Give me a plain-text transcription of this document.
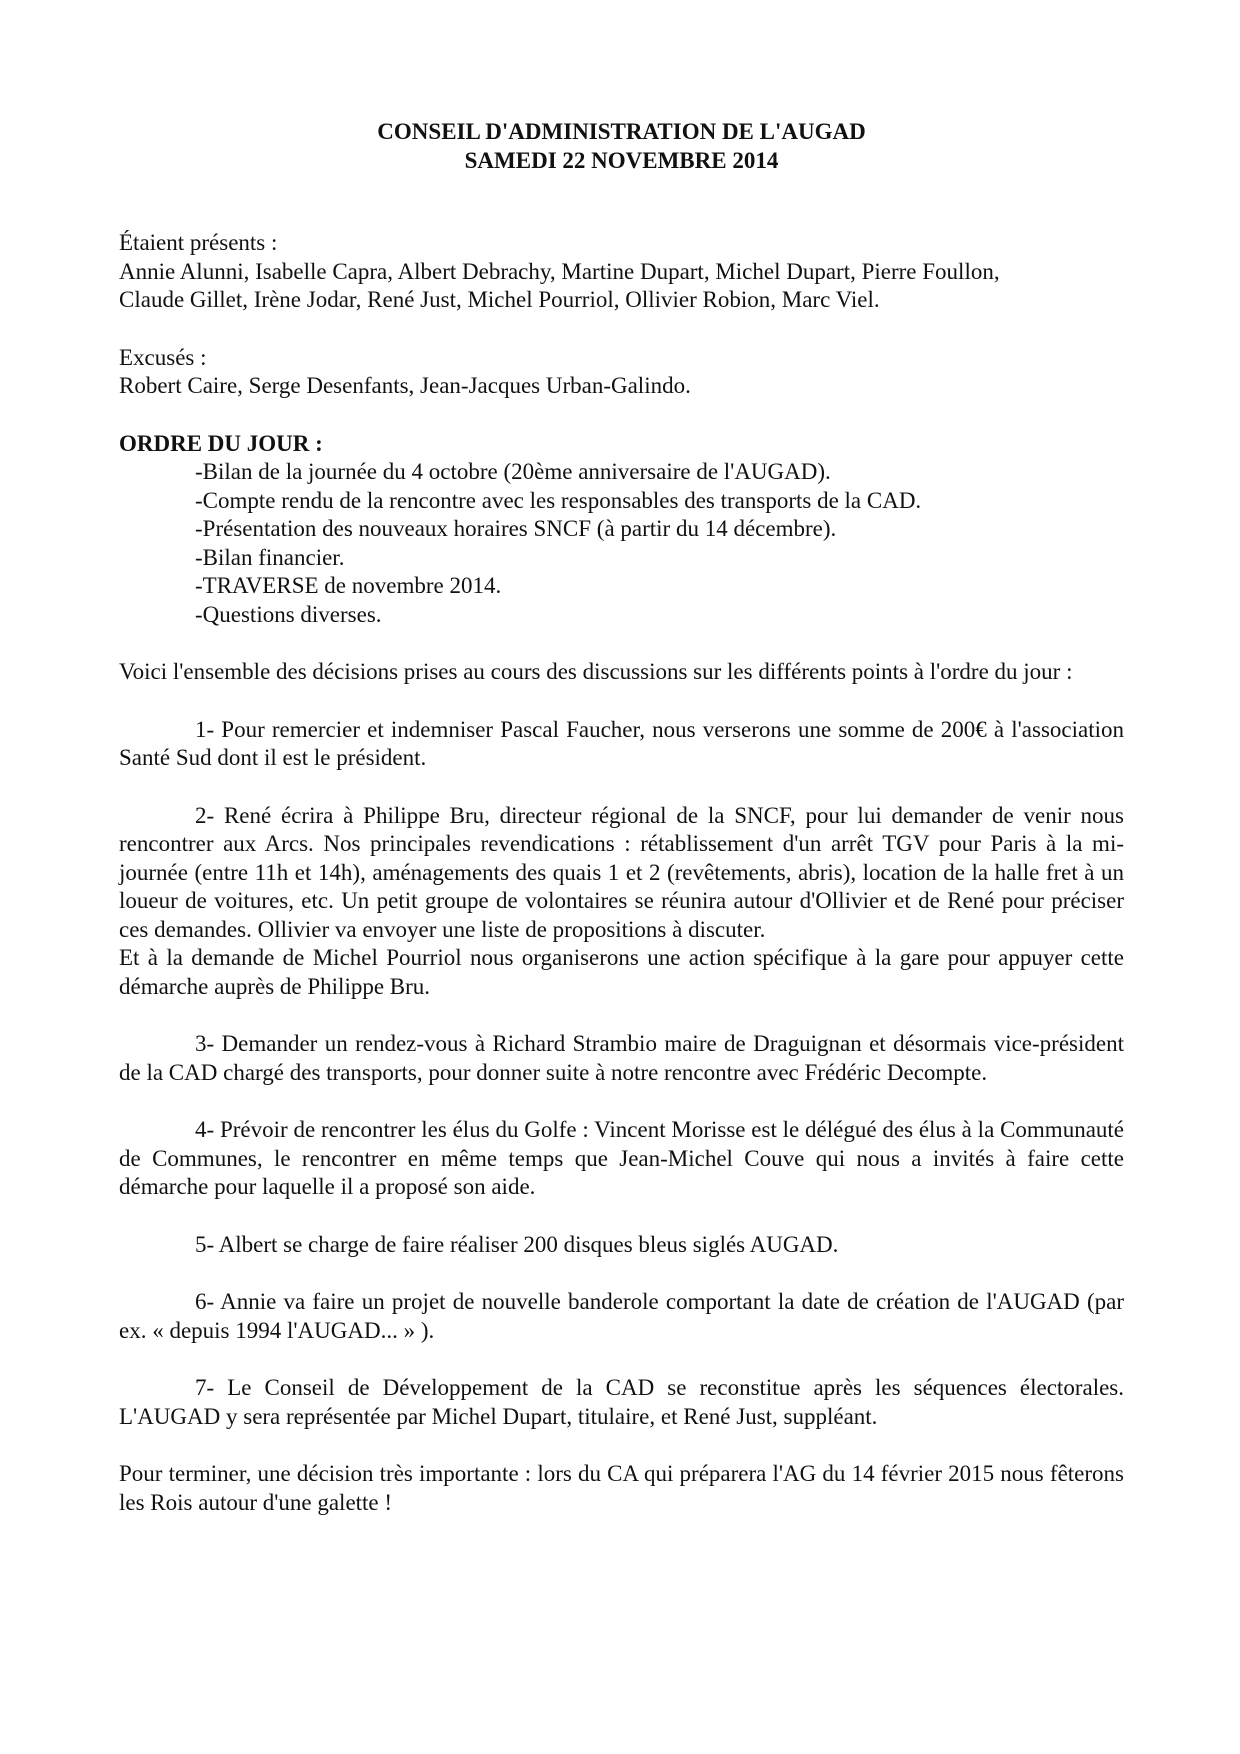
CONSEIL D'ADMINISTRATION DE L'AUGAD
SAMEDI 22 NOVEMBRE 2014

Étaient présents :

Annie Alunni, Isabelle Capra, Albert Debrachy, Martine Dupart, Michel Dupart, Pierre Foullon,

Claude Gillet, Irène Jodar, René Just, Michel Pourriol, Ollivier Robion, Marc Viel.

Excusés :

Robert Caire, Serge Desenfants, Jean-Jacques Urban-Galindo.

ORDRE DU JOUR :

-Bilan de la journée du 4 octobre (20ème anniversaire de l'AUGAD).
-Compte rendu de la rencontre avec les responsables des transports de la CAD.
-Présentation des nouveaux horaires SNCF (à partir du 14 décembre).
-Bilan financier.
-TRAVERSE de novembre 2014.
-Questions diverses.

Voici l'ensemble des décisions prises au cours des discussions sur les différents points à l'ordre du jour :

1- Pour remercier et indemniser Pascal Faucher, nous verserons une somme de 200€ à l'association Santé Sud dont il est le président.

2- René écrira à Philippe Bru, directeur régional de la SNCF, pour lui demander de venir nous rencontrer aux Arcs. Nos principales revendications : rétablissement d'un arrêt TGV pour Paris à la mi-journée (entre 11h et 14h), aménagements des quais 1 et 2 (revêtements, abris), location de la halle fret à un loueur de voitures, etc. Un petit groupe de volontaires se réunira autour d'Ollivier et de René pour préciser ces demandes. Ollivier va envoyer une liste de propositions à discuter.

Et à la demande de Michel Pourriol nous organiserons une action spécifique à la gare pour appuyer cette démarche auprès de Philippe Bru.

3- Demander un rendez-vous à Richard Strambio maire de Draguignan et désormais vice-président de la CAD chargé des transports, pour donner suite à notre rencontre avec Frédéric Decompte.

4- Prévoir de rencontrer les élus du Golfe : Vincent Morisse est le délégué des élus à la Communauté de Communes, le rencontrer en même temps que Jean-Michel Couve qui nous a invités à faire cette démarche pour laquelle il a proposé son aide.

5- Albert se charge de faire réaliser 200 disques bleus siglés AUGAD.

6- Annie va faire un projet de nouvelle banderole comportant la date de création de l'AUGAD (par ex. « depuis 1994 l'AUGAD... » ).

7- Le Conseil de Développement de la CAD se reconstitue après les séquences électorales. L'AUGAD y sera représentée par Michel Dupart, titulaire, et René Just, suppléant.

Pour terminer, une décision très importante : lors du CA qui préparera l'AG du 14 février 2015 nous fêterons les Rois autour d'une galette !
